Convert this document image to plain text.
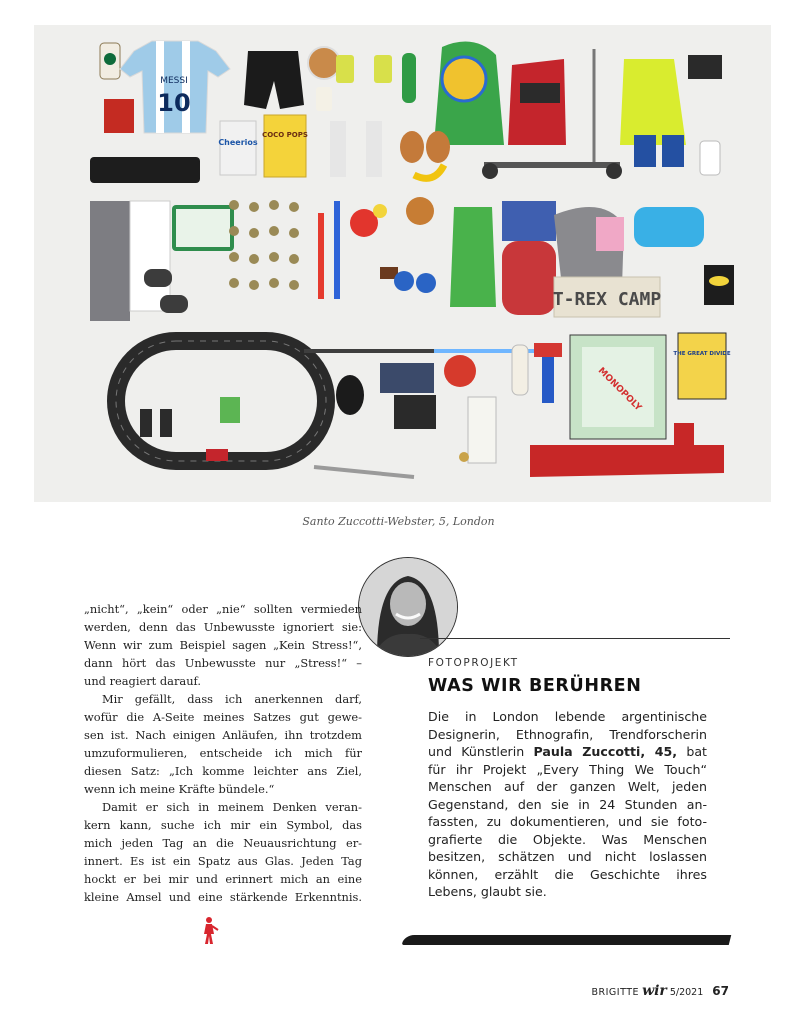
MESSI
10
Cheerios
COCO POPS
T-REX CAMP
MONOPOLY
THE GREAT DIVIDE
Santo Zuccotti-Webster, 5, London
FOTOPROJEKT
WAS WIR BERÜHREN
Die in London lebende argentinische
Designerin, Ethnografin, Trendforscherin
und Künstlerin Paula Zuccotti, 45, bat
für ihr Projekt „Every Thing We Touch“
Menschen auf der ganzen Welt, jeden
Gegenstand, den sie in 24 Stunden an-
fassten, zu dokumentieren, und sie foto-
grafierte die Objekte. Was Menschen
besitzen, schätzen und nicht loslassen
können, erzählt die Geschichte ihres
Lebens, glaubt sie.
„nicht“, „kein“ oder „nie“ sollten vermieden
werden, denn das Unbewusste ignoriert sie:
Wenn wir zum Beispiel sagen „Kein Stress!“,
dann hört das Unbewusste nur „Stress!“ –
und reagiert darauf.
Mir gefällt, dass ich anerkennen darf,
wofür die A-Seite meines Satzes gut gewe-
sen ist. Nach einigen Anläufen, ihn trotzdem
umzuformulieren, entscheide ich mich für
diesen Satz: „Ich komme leichter ans Ziel,
wenn ich meine Kräfte bündele.“
Damit er sich in meinem Denken veran-
kern kann, suche ich mir ein Symbol, das
mich jeden Tag an die Neuausrichtung er-
innert. Es ist ein Spatz aus Glas. Jeden Tag
hockt er bei mir und erinnert mich an eine
kleine Amsel und eine stärkende Erkenntnis.
BRIGITTE wir 5/2021 67
